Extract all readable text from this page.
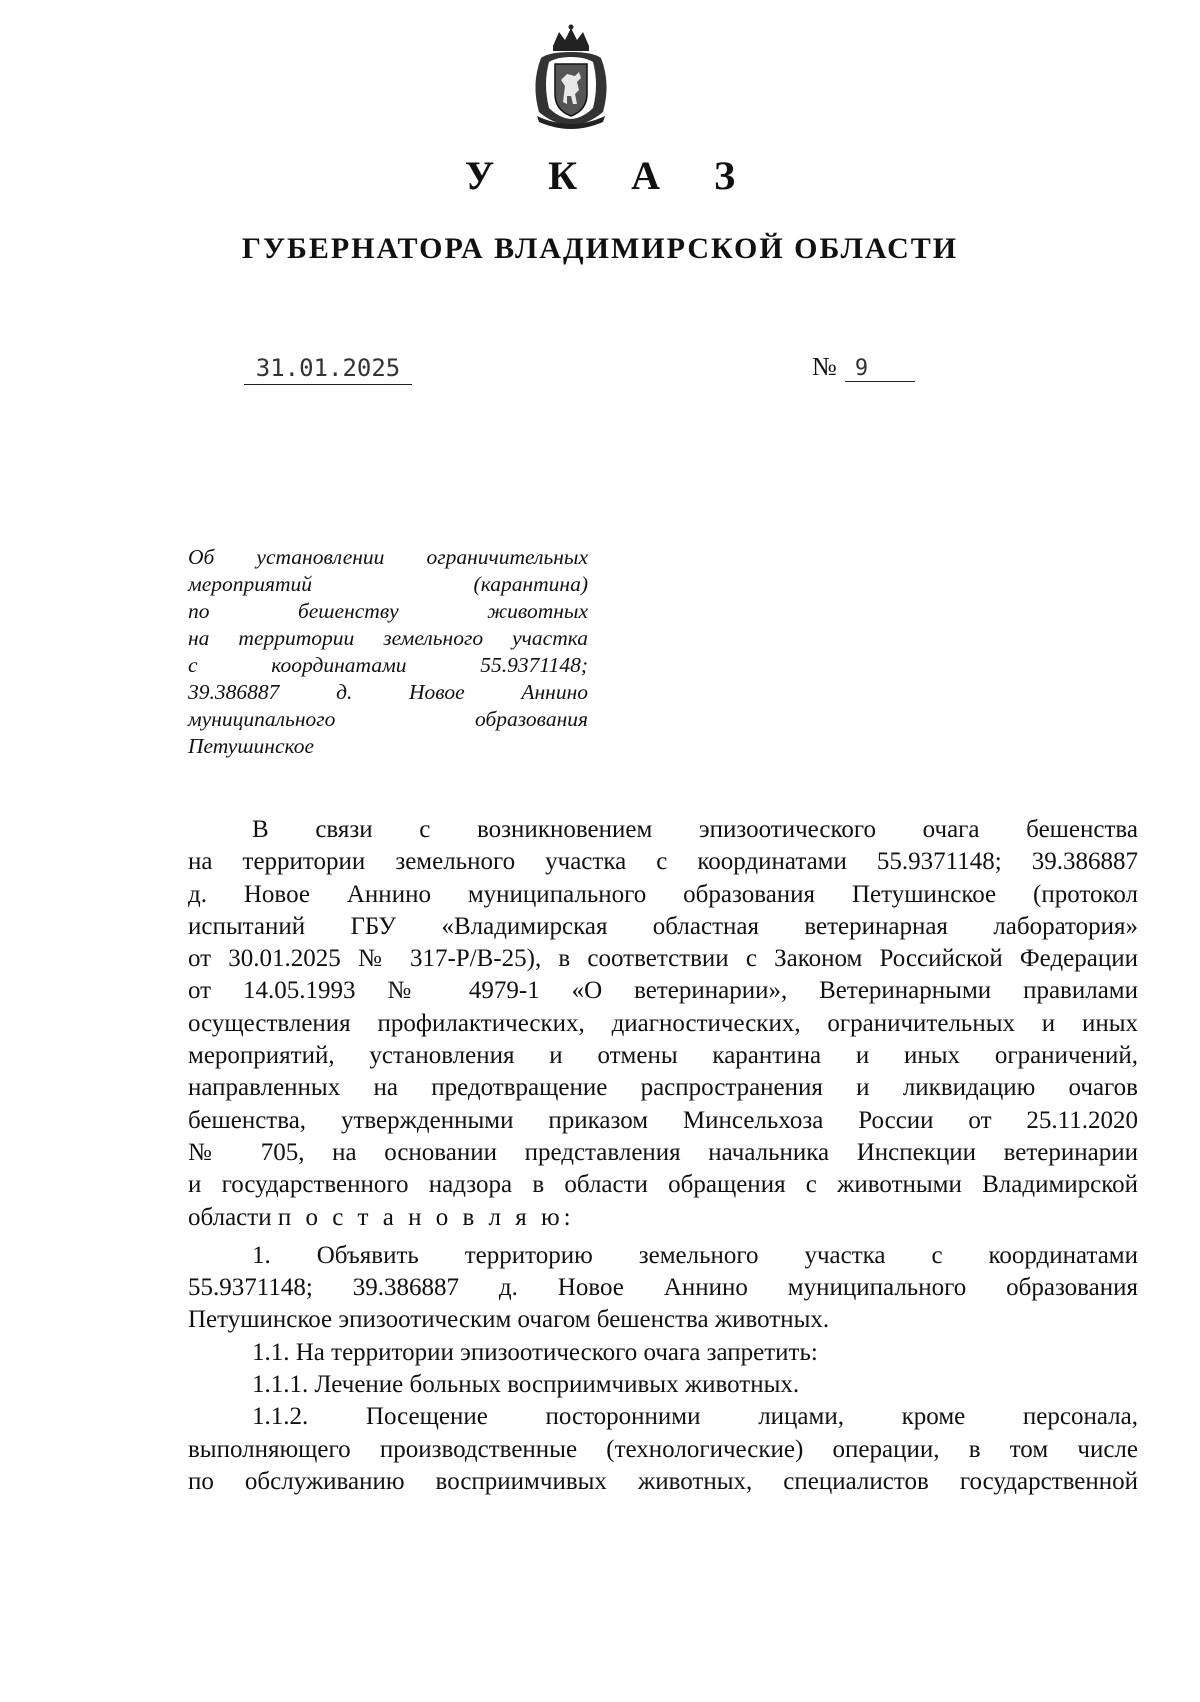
У К А З
ГУБЕРНАТОРА ВЛАДИМИРСКОЙ ОБЛАСТИ
31.01.2025	№ 9
Об установлении ограничительных
мероприятий (карантина)
по бешенству животных
на территории земельного участка
с координатами 55.9371148;
39.386887 д. Новое Аннино
муниципального образования
Петушинское
В связи с возникновением эпизоотического очага бешенства
на территории земельного участка с координатами 55.9371148; 39.386887
д. Новое Аннино муниципального образования Петушинское (протокол
испытаний ГБУ «Владимирская областная ветеринарная лаборатория»
от 30.01.2025 № 317-Р/В-25), в соответствии с Законом Российской Федерации
от 14.05.1993 № 4979-1 «О ветеринарии», Ветеринарными правилами
осуществления профилактических, диагностических, ограничительных и иных
мероприятий, установления и отмены карантина и иных ограничений,
направленных на предотвращение распространения и ликвидацию очагов
бешенства, утвержденными приказом Минсельхоза России от 25.11.2020
№ 705, на основании представления начальника Инспекции ветеринарии
и государственного надзора в области обращения с животными Владимирской
области п о с т а н о в л я ю:
1. Объявить территорию земельного участка с координатами
55.9371148; 39.386887 д. Новое Аннино муниципального образования
Петушинское эпизоотическим очагом бешенства животных.
1.1. На территории эпизоотического очага запретить:
1.1.1. Лечение больных восприимчивых животных.
1.1.2. Посещение посторонними лицами, кроме персонала,
выполняющего производственные (технологические) операции, в том числе
по обслуживанию восприимчивых животных, специалистов государственной
